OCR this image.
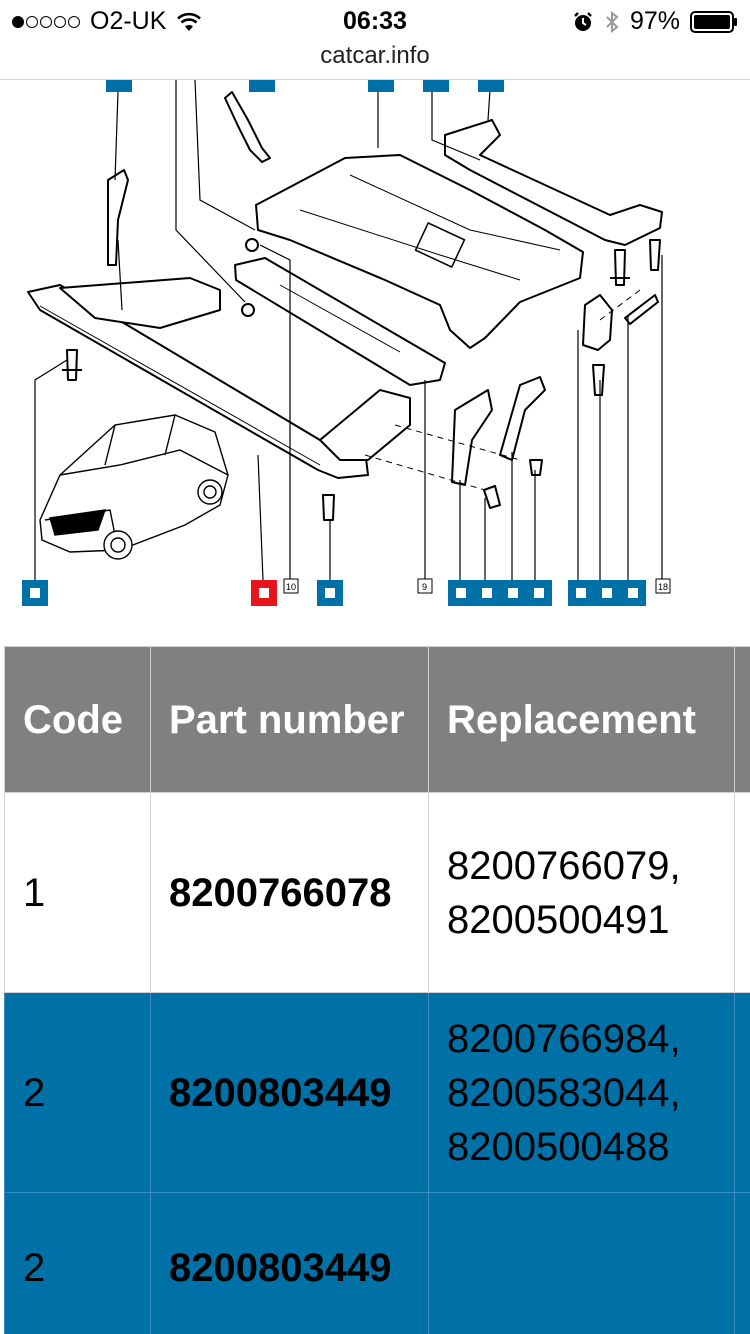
O2-UK	06:33	97%
catcar.info
10	9	18
Code	Part number	Replacement	
1	8200766078	8200766079, 8200500491	
2	8200803449	8200766984, 8200583044, 8200500488	
2	8200803449		
